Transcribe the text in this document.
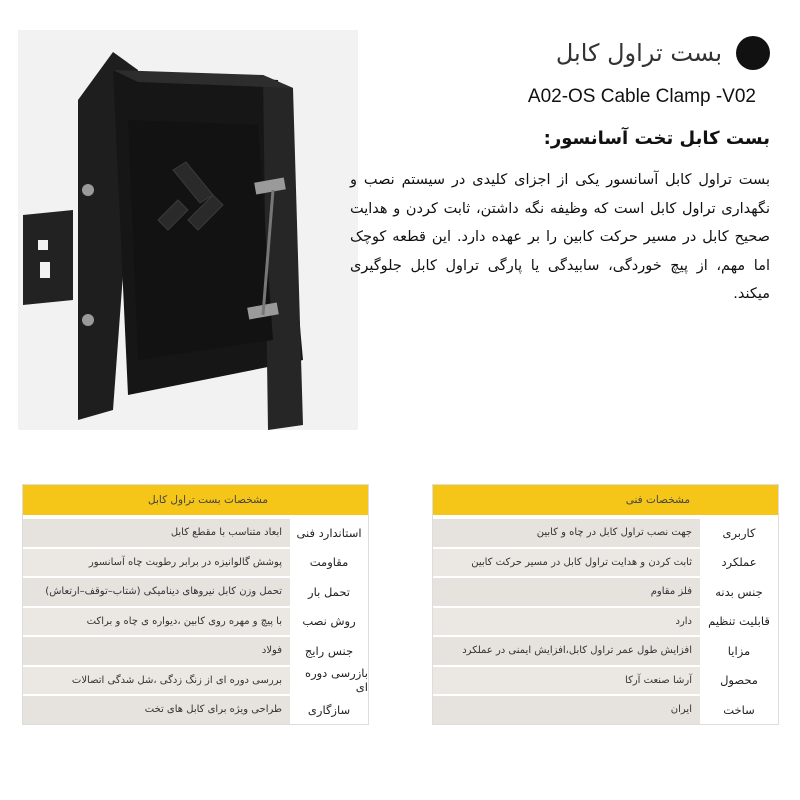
بست تراول کابل
A02-OS Cable Clamp -V02
بست کابل تخت آسانسور:
بست تراول کابل آسانسور یکی از اجزای کلیدی در سیستم نصب و نگهداری تراول کابل است که وظیفه نگه داشتن، ثابت کردن و هدایت صحیح کابل در مسیر حرکت کابین را بر عهده دارد. این قطعه کوچک اما مهم، از پیچ خوردگی، سابیدگی یا پارگی تراول کابل جلوگیری میکند.
مشخصات بست تراول کابل
استاندارد فنی
ابعاد متناسب با مقطع کابل
مقاومت
پوشش گالوانیزه در برابر رطوبت چاه آسانسور
تحمل بار
تحمل وزن کابل نیروهای دینامیکی (شتاب–توقف–ارتعاش)
روش نصب
با پیچ و مهره روی کابین ،دیواره ی چاه و براکت
جنس رایج
فولاد
بازرسی دوره ای
بررسی دوره ای از زنگ زدگی ،شل شدگی اتصالات
سازگاری
طراحی ویژه برای کابل های تخت
مشخصات فنی
کاربری
جهت نصب تراول کابل در چاه و کابین
عملکرد
ثابت کردن و هدایت تراول کابل در مسیر حرکت کابین
جنس بدنه
فلز مقاوم
قابلیت تنظیم
دارد
مزایا
افزایش طول عمر تراول کابل،افزایش ایمنی در عملکرد
محصول
آرشا صنعت آرکا
ساخت
ایران
